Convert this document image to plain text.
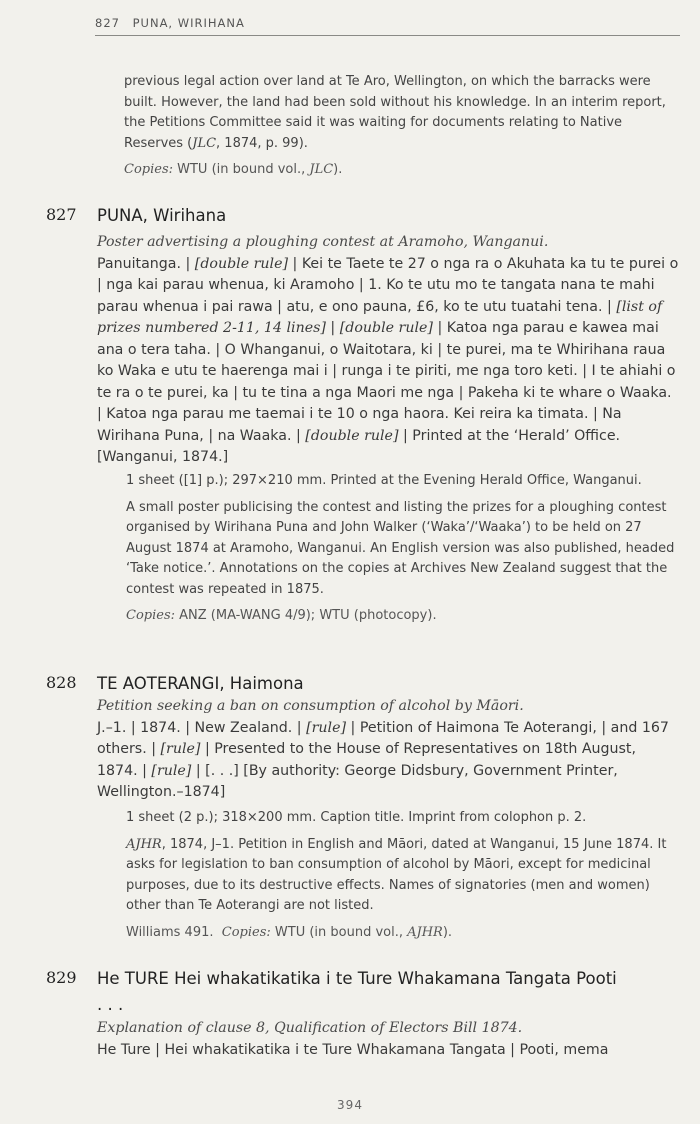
827 PUNA, WIRIHANA

previous legal action over land at Te Aro, Wellington, on which the barracks were built. However, the land had been sold without his knowledge. In an interim report, the Petitions Committee said it was waiting for documents relating to Native Reserves (JLC, 1874, p. 99).

Copies: WTU (in bound vol., JLC).

827 PUNA, Wirihana
Poster advertising a ploughing contest at Aramoho, Wanganui.
Panuitanga. | [double rule] | Kei te Taete te 27 o nga ra o Akuhata ka tu te purei o | nga kai parau whenua, ki Aramoho | 1. Ko te utu mo te tangata nana te mahi parau whenua i pai rawa | atu, e ono pauna, £6, ko te utu tuatahi tena. | [list of prizes numbered 2-11, 14 lines] | [double rule] | Katoa nga parau e kawea mai ana o tera taha. | O Whanganui, o Waitotara, ki | te purei, ma te Whirihana raua ko Waka e utu te haerenga mai i | runga i te piriti, me nga toro keti. | I te ahiahi o te ra o te purei, ka | tu te tina a nga Maori me nga | Pakeha ki te whare o Waaka. | Katoa nga parau me taemai i te 10 o nga haora. Kei reira ka timata. | Na Wirihana Puna, | na Waaka. | [double rule] | Printed at the ‘Herald’ Office. [Wanganui, 1874.]

1 sheet ([1] p.); 297×210 mm. Printed at the Evening Herald Office, Wanganui.

A small poster publicising the contest and listing the prizes for a ploughing contest organised by Wirihana Puna and John Walker (‘Waka’/‘Waaka’) to be held on 27 August 1874 at Aramoho, Wanganui. An English version was also published, headed ‘Take notice.’. Annotations on the copies at Archives New Zealand suggest that the contest was repeated in 1875.

Copies: ANZ (MA-WANG 4/9); WTU (photocopy).

828 TE AOTERANGI, Haimona
Petition seeking a ban on consumption of alcohol by Māori.
J.–1. | 1874. | New Zealand. | [rule] | Petition of Haimona Te Aoterangi, | and 167 others. | [rule] | Presented to the House of Representatives on 18th August, 1874. | [rule] | [. . .] [By authority: George Didsbury, Government Printer, Wellington.–1874]

1 sheet (2 p.); 318×200 mm. Caption title. Imprint from colophon p. 2.

AJHR, 1874, J–1. Petition in English and Māori, dated at Wanganui, 15 June 1874. It asks for legislation to ban consumption of alcohol by Māori, except for medicinal purposes, due to its destructive effects. Names of signatories (men and women) other than Te Aoterangi are not listed.

Williams 491. Copies: WTU (in bound vol., AJHR).

829 He TURE Hei whakatikatika i te Ture Whakamana Tangata Pooti
. . .
Explanation of clause 8, Qualification of Electors Bill 1874.
He Ture | Hei whakatikatika i te Ture Whakamana Tangata | Pooti, mema
394
